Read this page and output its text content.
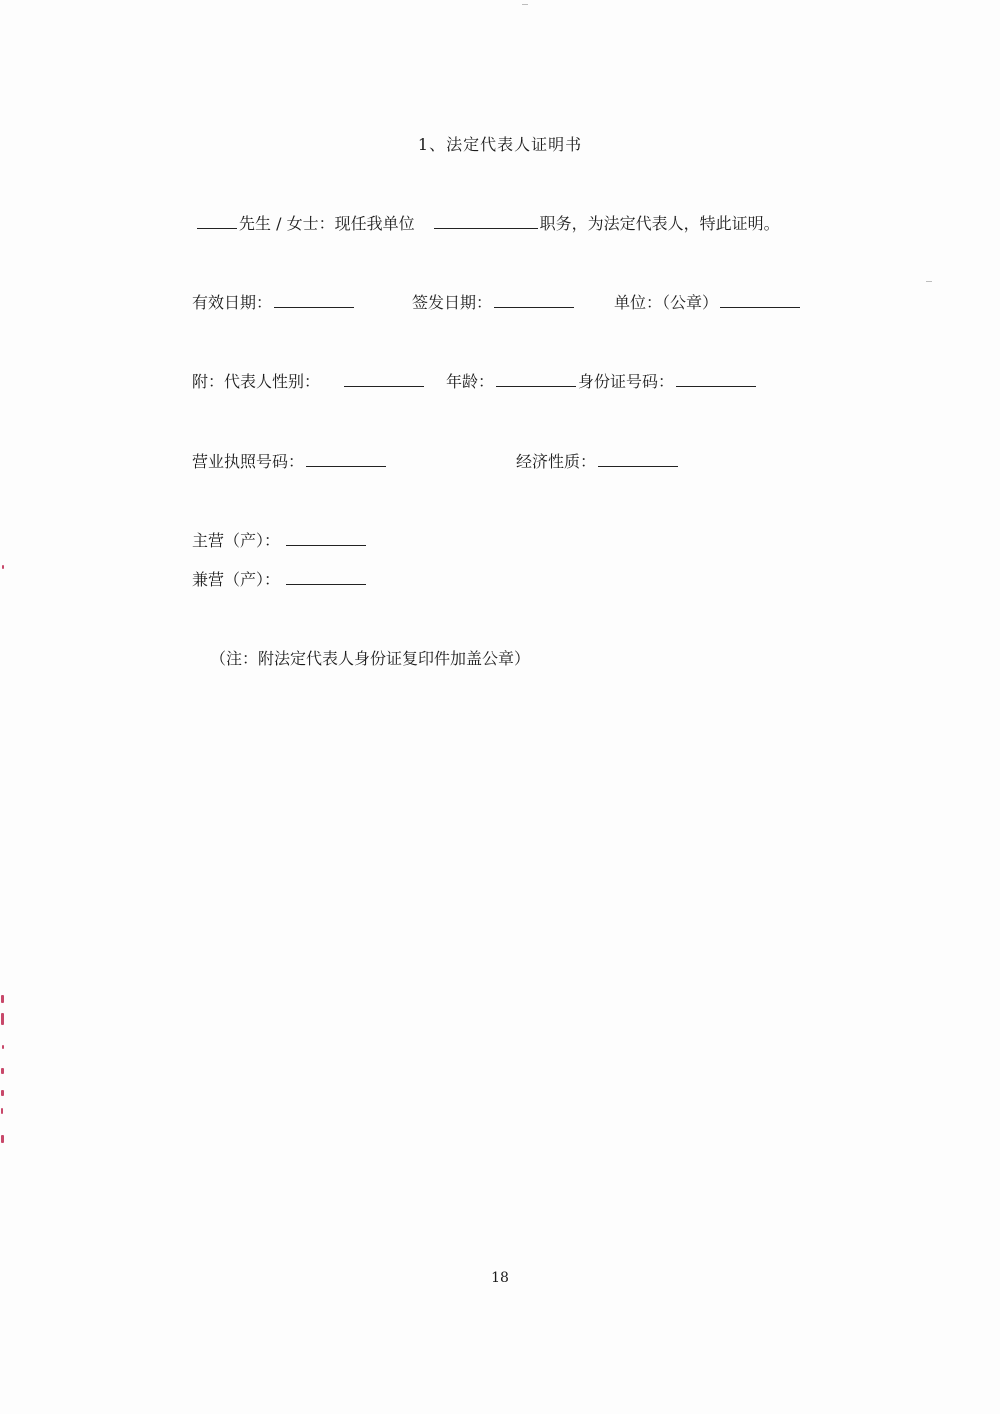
1、法定代表人证明书
先生 / 女士：现任我单位	职务，为法定代表人，特此证明。
有效日期：	签发日期：	单位：（公章）
附：代表人性别：	年龄：	身份证号码：
营业执照号码：	经济性质：
主营（产）：
兼营（产）：
（注：附法定代表人身份证复印件加盖公章）
18
